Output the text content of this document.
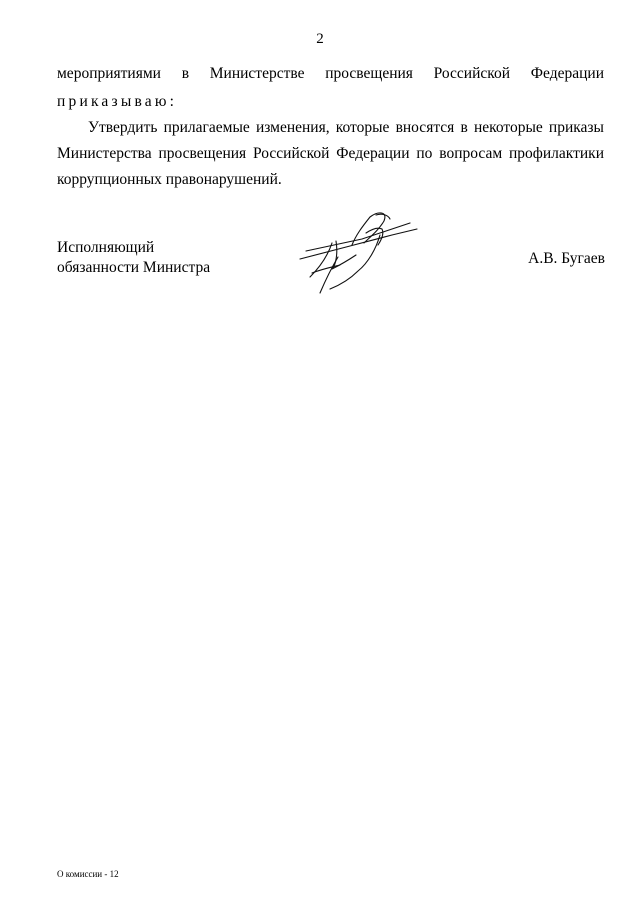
2
мероприятиями в Министерстве просвещения Российской Федерации
приказываю:
Утвердить прилагаемые изменения, которые вносятся в некоторые приказы
Министерства просвещения Российской Федерации по вопросам профилактики
коррупционных правонарушений.
Исполняющий
обязанности Министра
А.В. Бугаев
О комиссии - 12
